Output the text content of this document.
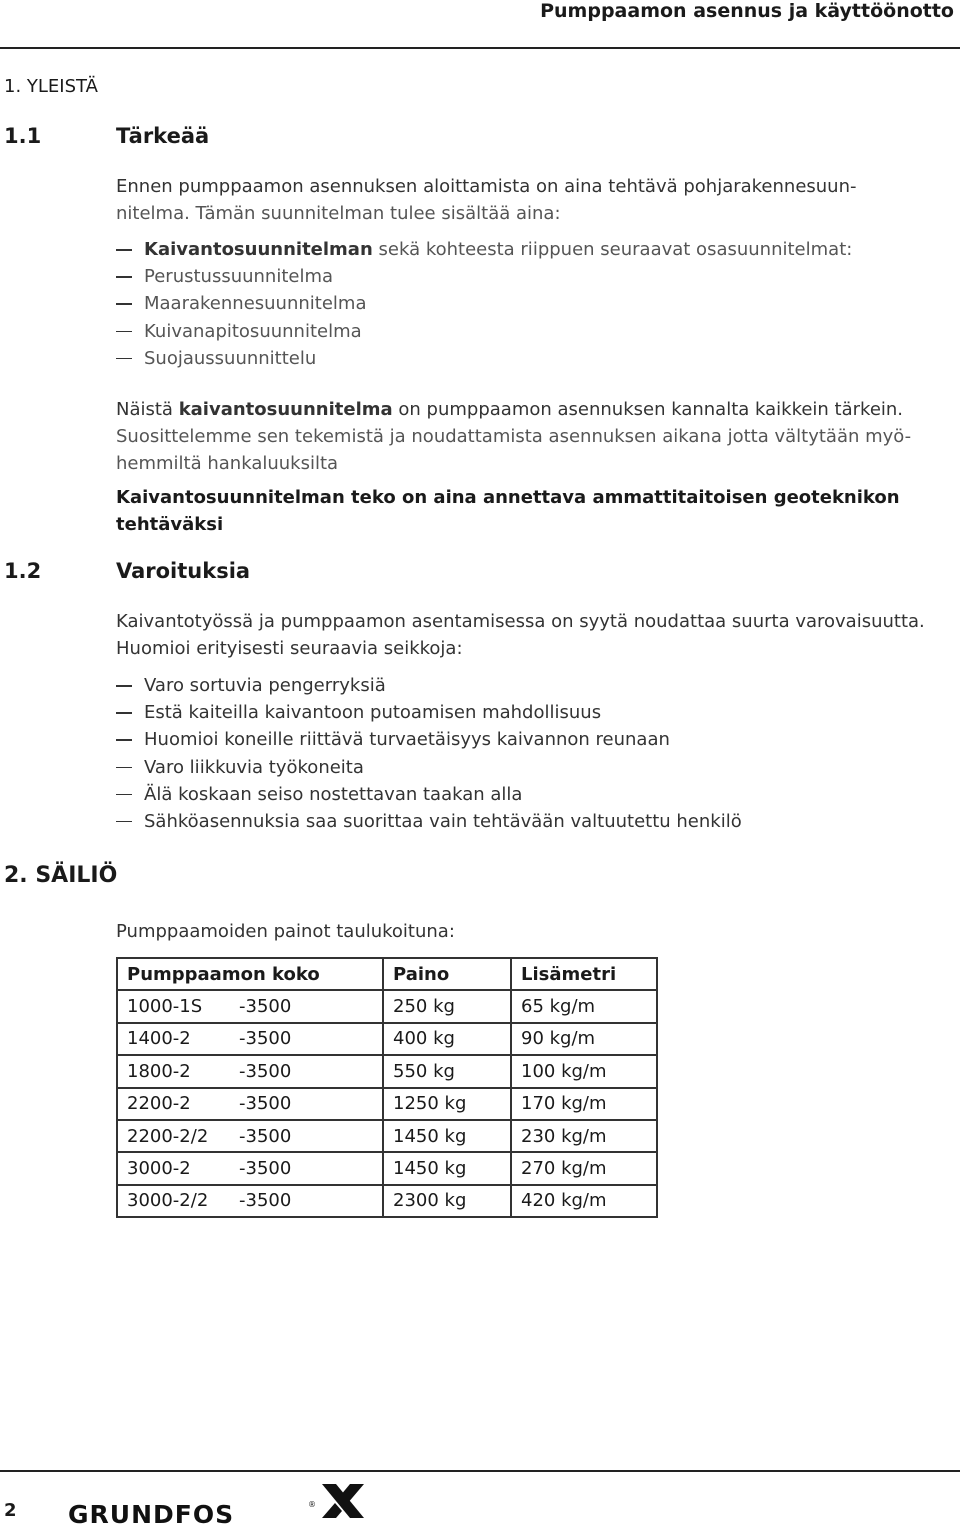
Pumppaamon asennus ja käyttöönotto
1. YLEISTÄ
1.1	Tärkeää
Ennen pumppaamon asennuksen aloittamista on aina tehtävä pohjarakennesuun-
nitelma. Tämän suunnitelman tulee sisältää aina:
Kaivantosuunnitelman sekä kohteesta riippuen seuraavat osasuunnitelmat:
Perustussuunnitelma
Maarakennesuunnitelma
Kuivanapitosuunnitelma
Suojaussuunnittelu
Näistä kaivantosuunnitelma on pumppaamon asennuksen kannalta kaikkein tärkein.
Suosittelemme sen tekemistä ja noudattamista asennuksen aikana jotta vältytään myö-
hemmiltä hankaluuksilta
Kaivantosuunnitelman teko on aina annettava ammattitaitoisen geoteknikon
tehtäväksi
1.2	Varoituksia
Kaivantotyössä ja pumppaamon asentamisessa on syytä noudattaa suurta varovaisuutta.
Huomioi erityisesti seuraavia seikkoja:
Varo sortuvia pengerryksiä
Estä kaiteilla kaivantoon putoamisen mahdollisuus
Huomioi koneille riittävä turvaetäisyys kaivannon reunaan
Varo liikkuvia työkoneita
Älä koskaan seiso nostettavan taakan alla
Sähköasennuksia saa suorittaa vain tehtävään valtuutettu henkilö
2. SÄILIÖ
Pumppaamoiden painot taulukoituna:
Pumppaamon koko	Paino	Lisämetri
1000-1S -3500	250 kg	65 kg/m
1400-2 -3500	400 kg	90 kg/m
1800-2 -3500	550 kg	100 kg/m
2200-2 -3500	1250 kg	170 kg/m
2200-2/2 -3500	1450 kg	230 kg/m
3000-2 -3500	1450 kg	270 kg/m
3000-2/2 -3500	2300 kg	420 kg/m
2 GRUNDFOS	®
